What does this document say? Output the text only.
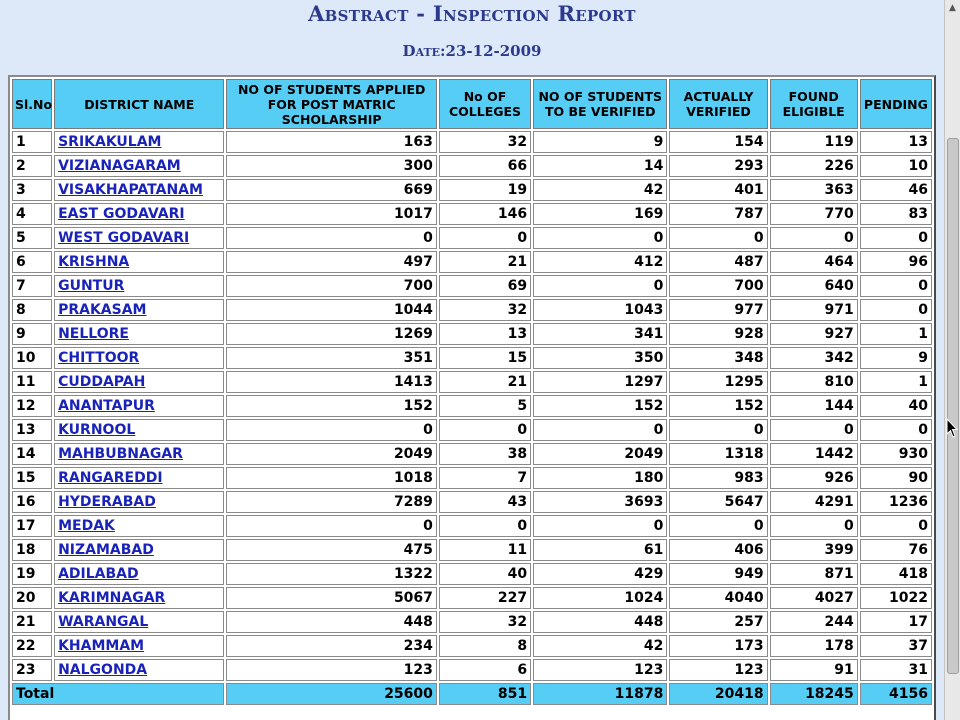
Abstract - Inspection Report
Date:23-12-2009
Sl.No	DISTRICT NAME	NO OF STUDENTS APPLIED FOR POST MATRIC SCHOLARSHIP	No OF COLLEGES	NO OF STUDENTS TO BE VERIFIED	ACTUALLY VERIFIED	FOUND ELIGIBLE	PENDING
1	SRIKAKULAM	163	32	9	154	119	13
2	VIZIANAGARAM	300	66	14	293	226	10
3	VISAKHAPATANAM	669	19	42	401	363	46
4	EAST GODAVARI	1017	146	169	787	770	83
5	WEST GODAVARI	0	0	0	0	0	0
6	KRISHNA	497	21	412	487	464	96
7	GUNTUR	700	69	0	700	640	0
8	PRAKASAM	1044	32	1043	977	971	0
9	NELLORE	1269	13	341	928	927	1
10	CHITTOOR	351	15	350	348	342	9
11	CUDDAPAH	1413	21	1297	1295	810	1
12	ANANTAPUR	152	5	152	152	144	40
13	KURNOOL	0	0	0	0	0	0
14	MAHBUBNAGAR	2049	38	2049	1318	1442	930
15	RANGAREDDI	1018	7	180	983	926	90
16	HYDERABAD	7289	43	3693	5647	4291	1236
17	MEDAK	0	0	0	0	0	0
18	NIZAMABAD	475	11	61	406	399	76
19	ADILABAD	1322	40	429	949	871	418
20	KARIMNAGAR	5067	227	1024	4040	4027	1022
21	WARANGAL	448	32	448	257	244	17
22	KHAMMAM	234	8	42	173	178	37
23	NALGONDA	123	6	123	123	91	31
Total		25600	851	11878	20418	18245	4156
▲
